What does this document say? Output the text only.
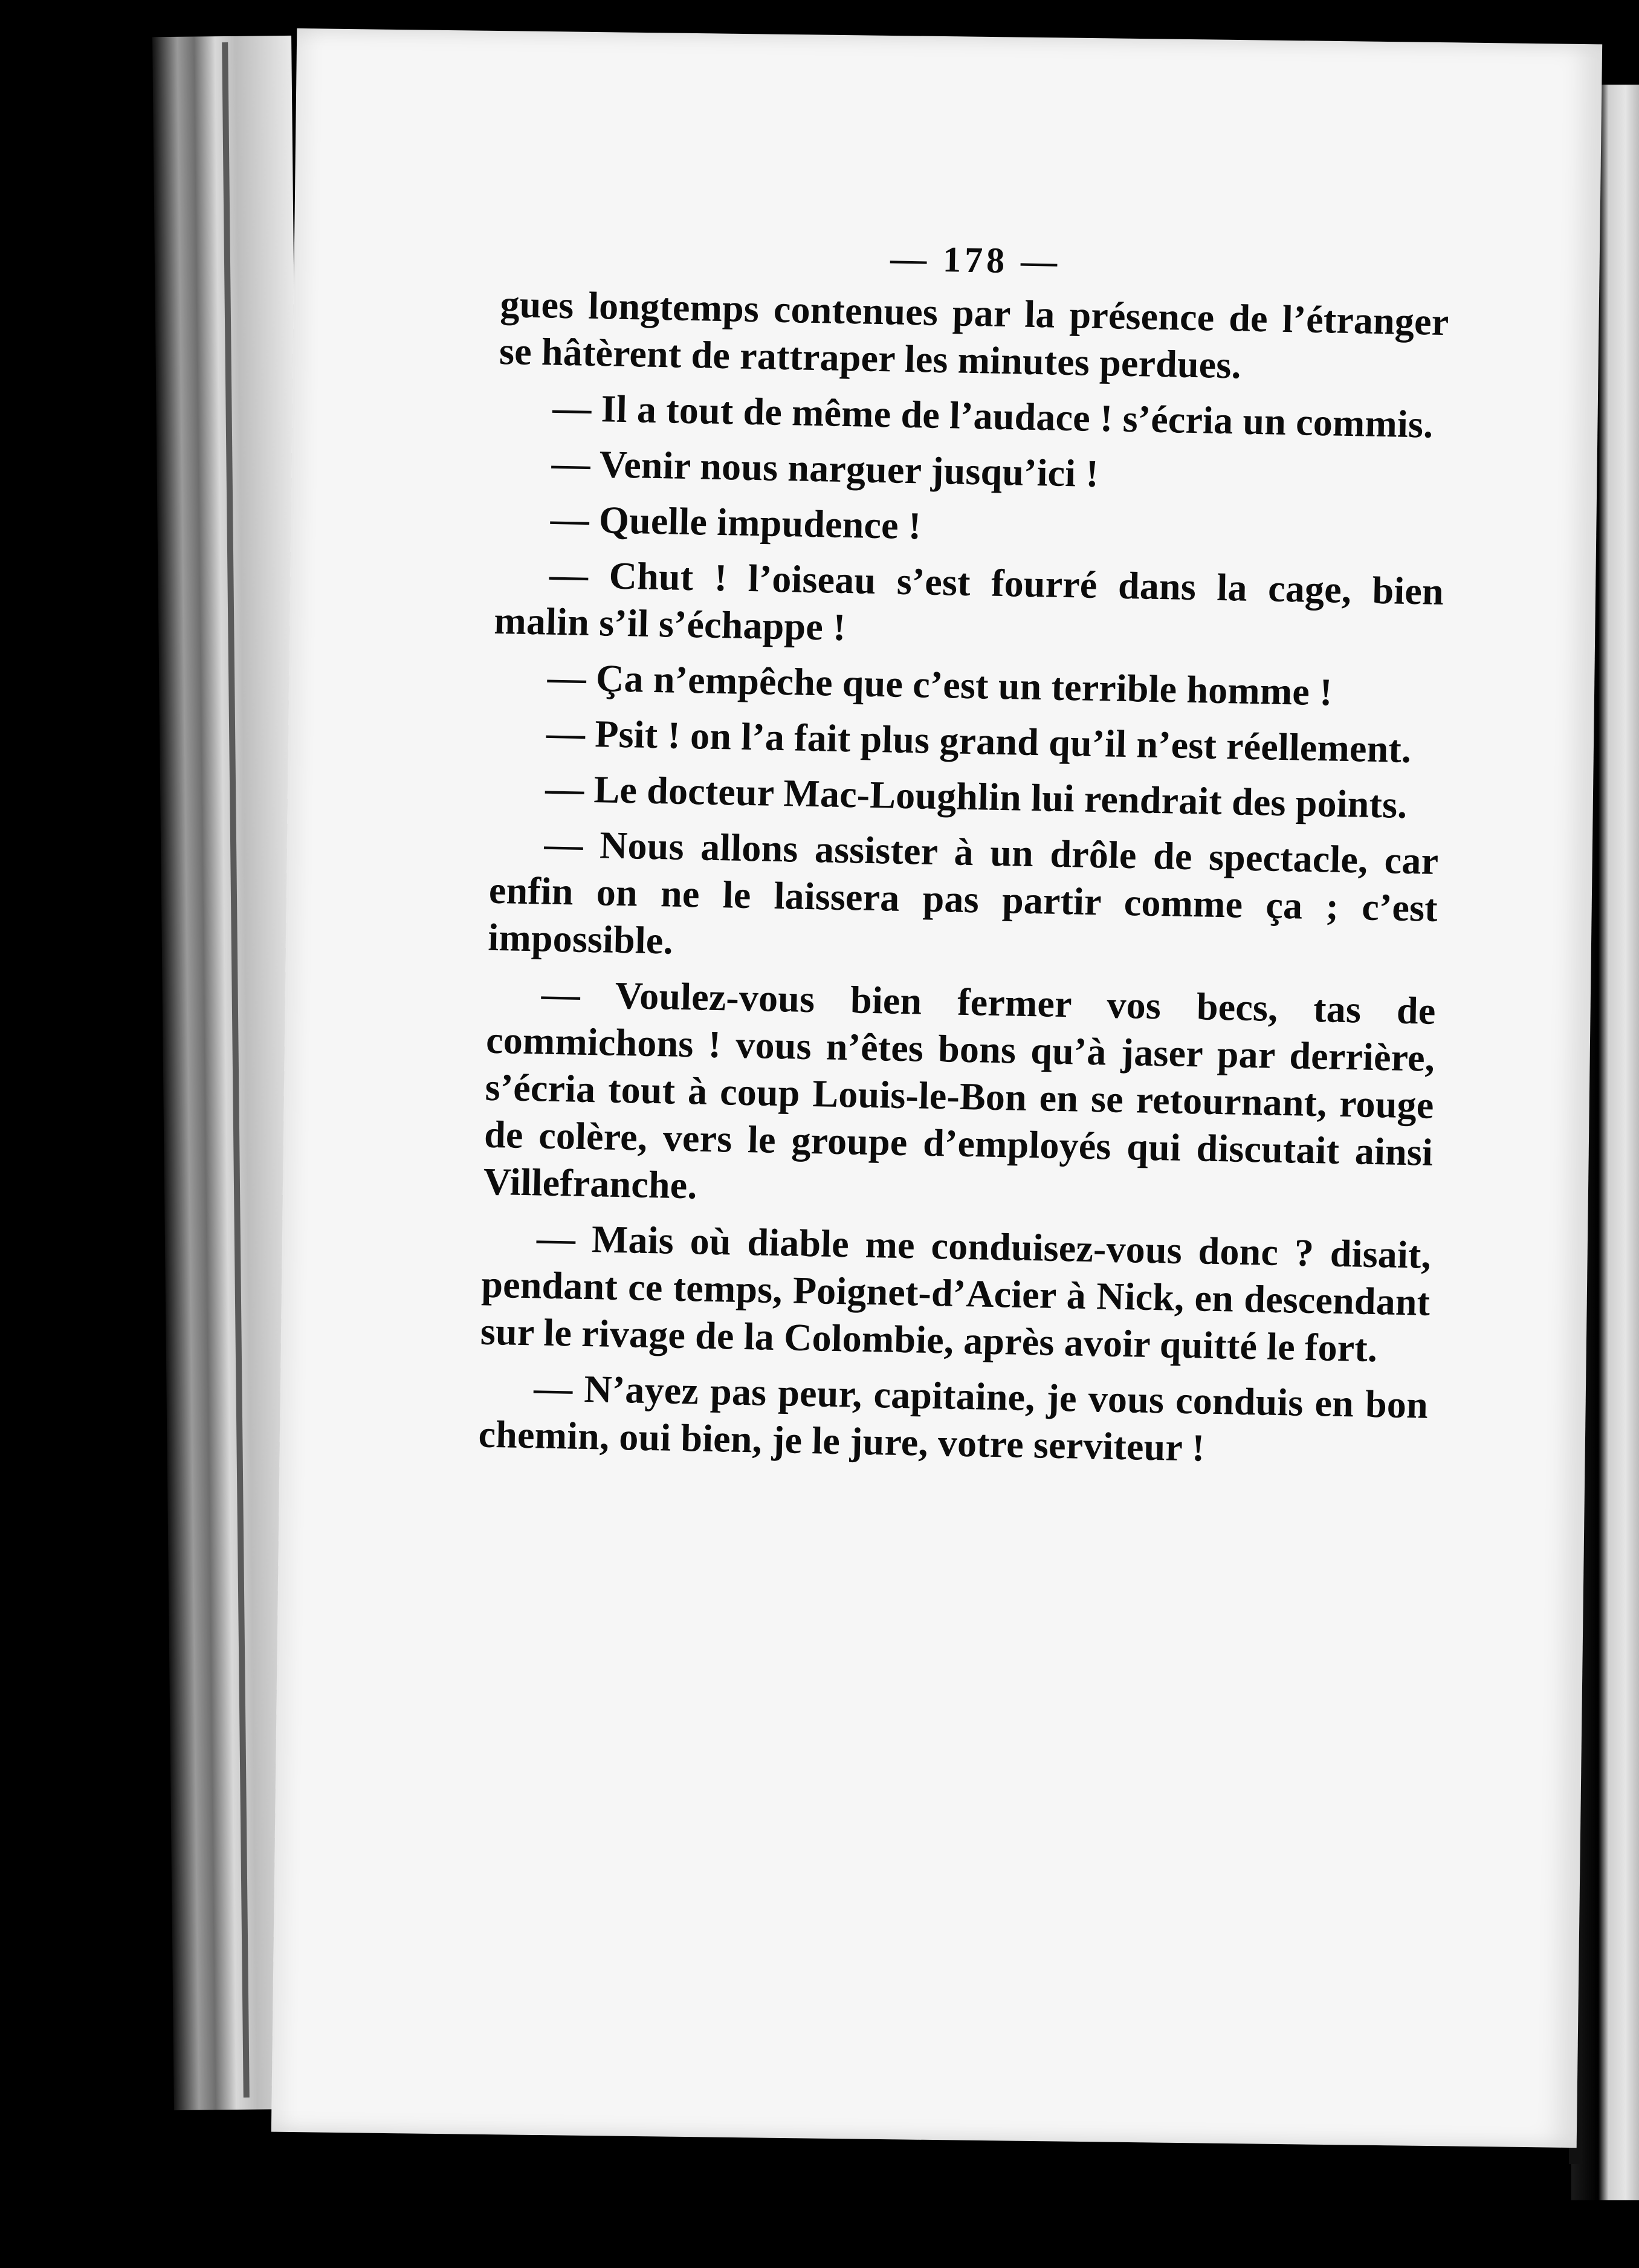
— 178 —

gues longtemps contenues par la présence de l’étranger se hâtèrent de rattraper les minutes perdues.

— Il a tout de même de l’audace ! s’écria un commis.

— Venir nous narguer jusqu’ici !

— Quelle impudence !

— Chut ! l’oiseau s’est fourré dans la cage, bien malin s’il s’échappe !

— Ça n’empêche que c’est un terrible homme !

— Psit ! on l’a fait plus grand qu’il n’est réellement.

— Le docteur Mac-Loughlin lui rendrait des points.

— Nous allons assister à un drôle de spectacle, car enfin on ne le laissera pas partir comme ça ; c’est impossible.

— Voulez-vous bien fermer vos becs, tas de commichons ! vous n’êtes bons qu’à jaser par derrière, s’écria tout à coup Louis-le-Bon en se retournant, rouge de colère, vers le groupe d’employés qui discutait ainsi Villefranche.

— Mais où diable me conduisez-vous donc ? disait, pendant ce temps, Poignet-d’Acier à Nick, en descendant sur le rivage de la Colombie, après avoir quitté le fort.

— N’ayez pas peur, capitaine, je vous conduis en bon chemin, oui bien, je le jure, votre serviteur !
